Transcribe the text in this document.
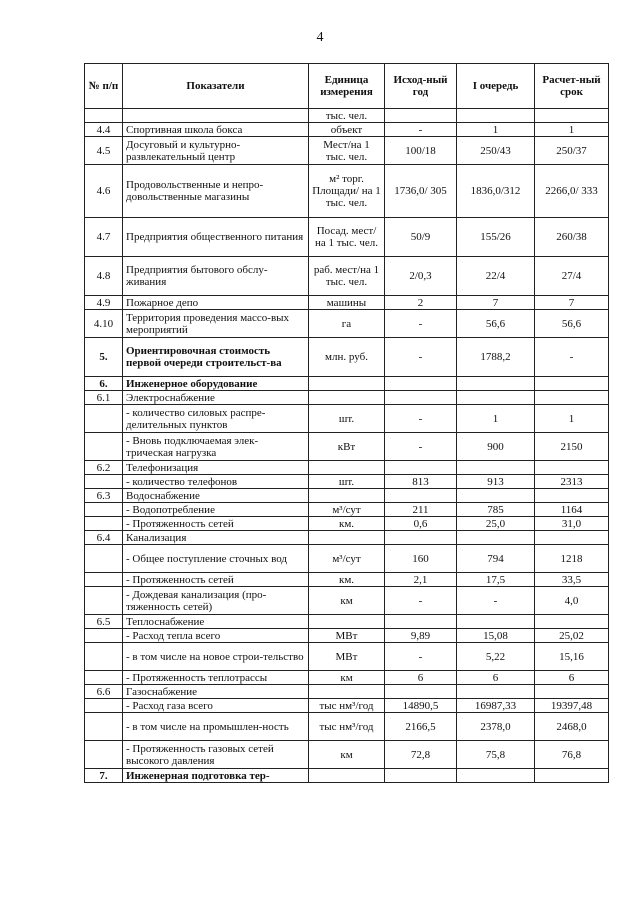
4
№ п/п	Показатели	Единица измерения	Исход-ный год	I очередь	Расчет-ный срок
		тыс. чел.			
4.4	Спортивная школа бокса	объект	-	1	1
4.5	Досуговый и культурно-развлекательный центр	Мест/на 1 тыс. чел.	100/18	250/43	250/37
4.6	Продовольственные и непро-довольственные магазины	м² торг. Площади/ на 1 тыс. чел.	1736,0/ 305	1836,0/312	2266,0/ 333
4.7	Предприятия общественного питания	Посад. мест/на 1 тыс. чел.	50/9	155/26	260/38
4.8	Предприятия бытового обслу-живания	раб. мест/на 1 тыс. чел.	2/0,3	22/4	27/4
4.9	Пожарное депо	машины	2	7	7
4.10	Территория проведения массо-вых мероприятий	га	-	56,6	56,6
5.	Ориентировочная стоимость первой очереди строительст-ва	млн. руб.	-	1788,2	-
6.	Инженерное оборудование				
6.1	Электроснабжение				
	- количество силовых распре-делительных пунктов	шт.	-	1	1
	- Вновь подключаемая элек-трическая нагрузка	кВт	-	900	2150
6.2	Телефонизация				
	- количество телефонов	шт.	813	913	2313
6.3	Водоснабжение				
	- Водопотребление	м³/сут	211	785	1164
	- Протяженность сетей	км.	0,6	25,0	31,0
6.4	Канализация				
	- Общее поступление сточных вод	м³/сут	160	794	1218
	- Протяженность сетей	км.	2,1	17,5	33,5
	- Дождевая канализация (про-тяженность сетей)	км	-	-	4,0
6.5	Теплоснабжение				
	- Расход тепла всего	МВт	9,89	15,08	25,02
	- в том числе на новое строи-тельство	МВт	-	5,22	15,16
	- Протяженность теплотрассы	км	6	6	6
6.6	Газоснабжение				
	- Расход газа всего	тыс нм³/год	14890,5	16987,33	19397,48
	- в том числе на промышлен-ность	тыс нм³/год	2166,5	2378,0	2468,0
	- Протяженность газовых сетей высокого давления	км	72,8	75,8	76,8
7.	Инженерная подготовка тер-				
